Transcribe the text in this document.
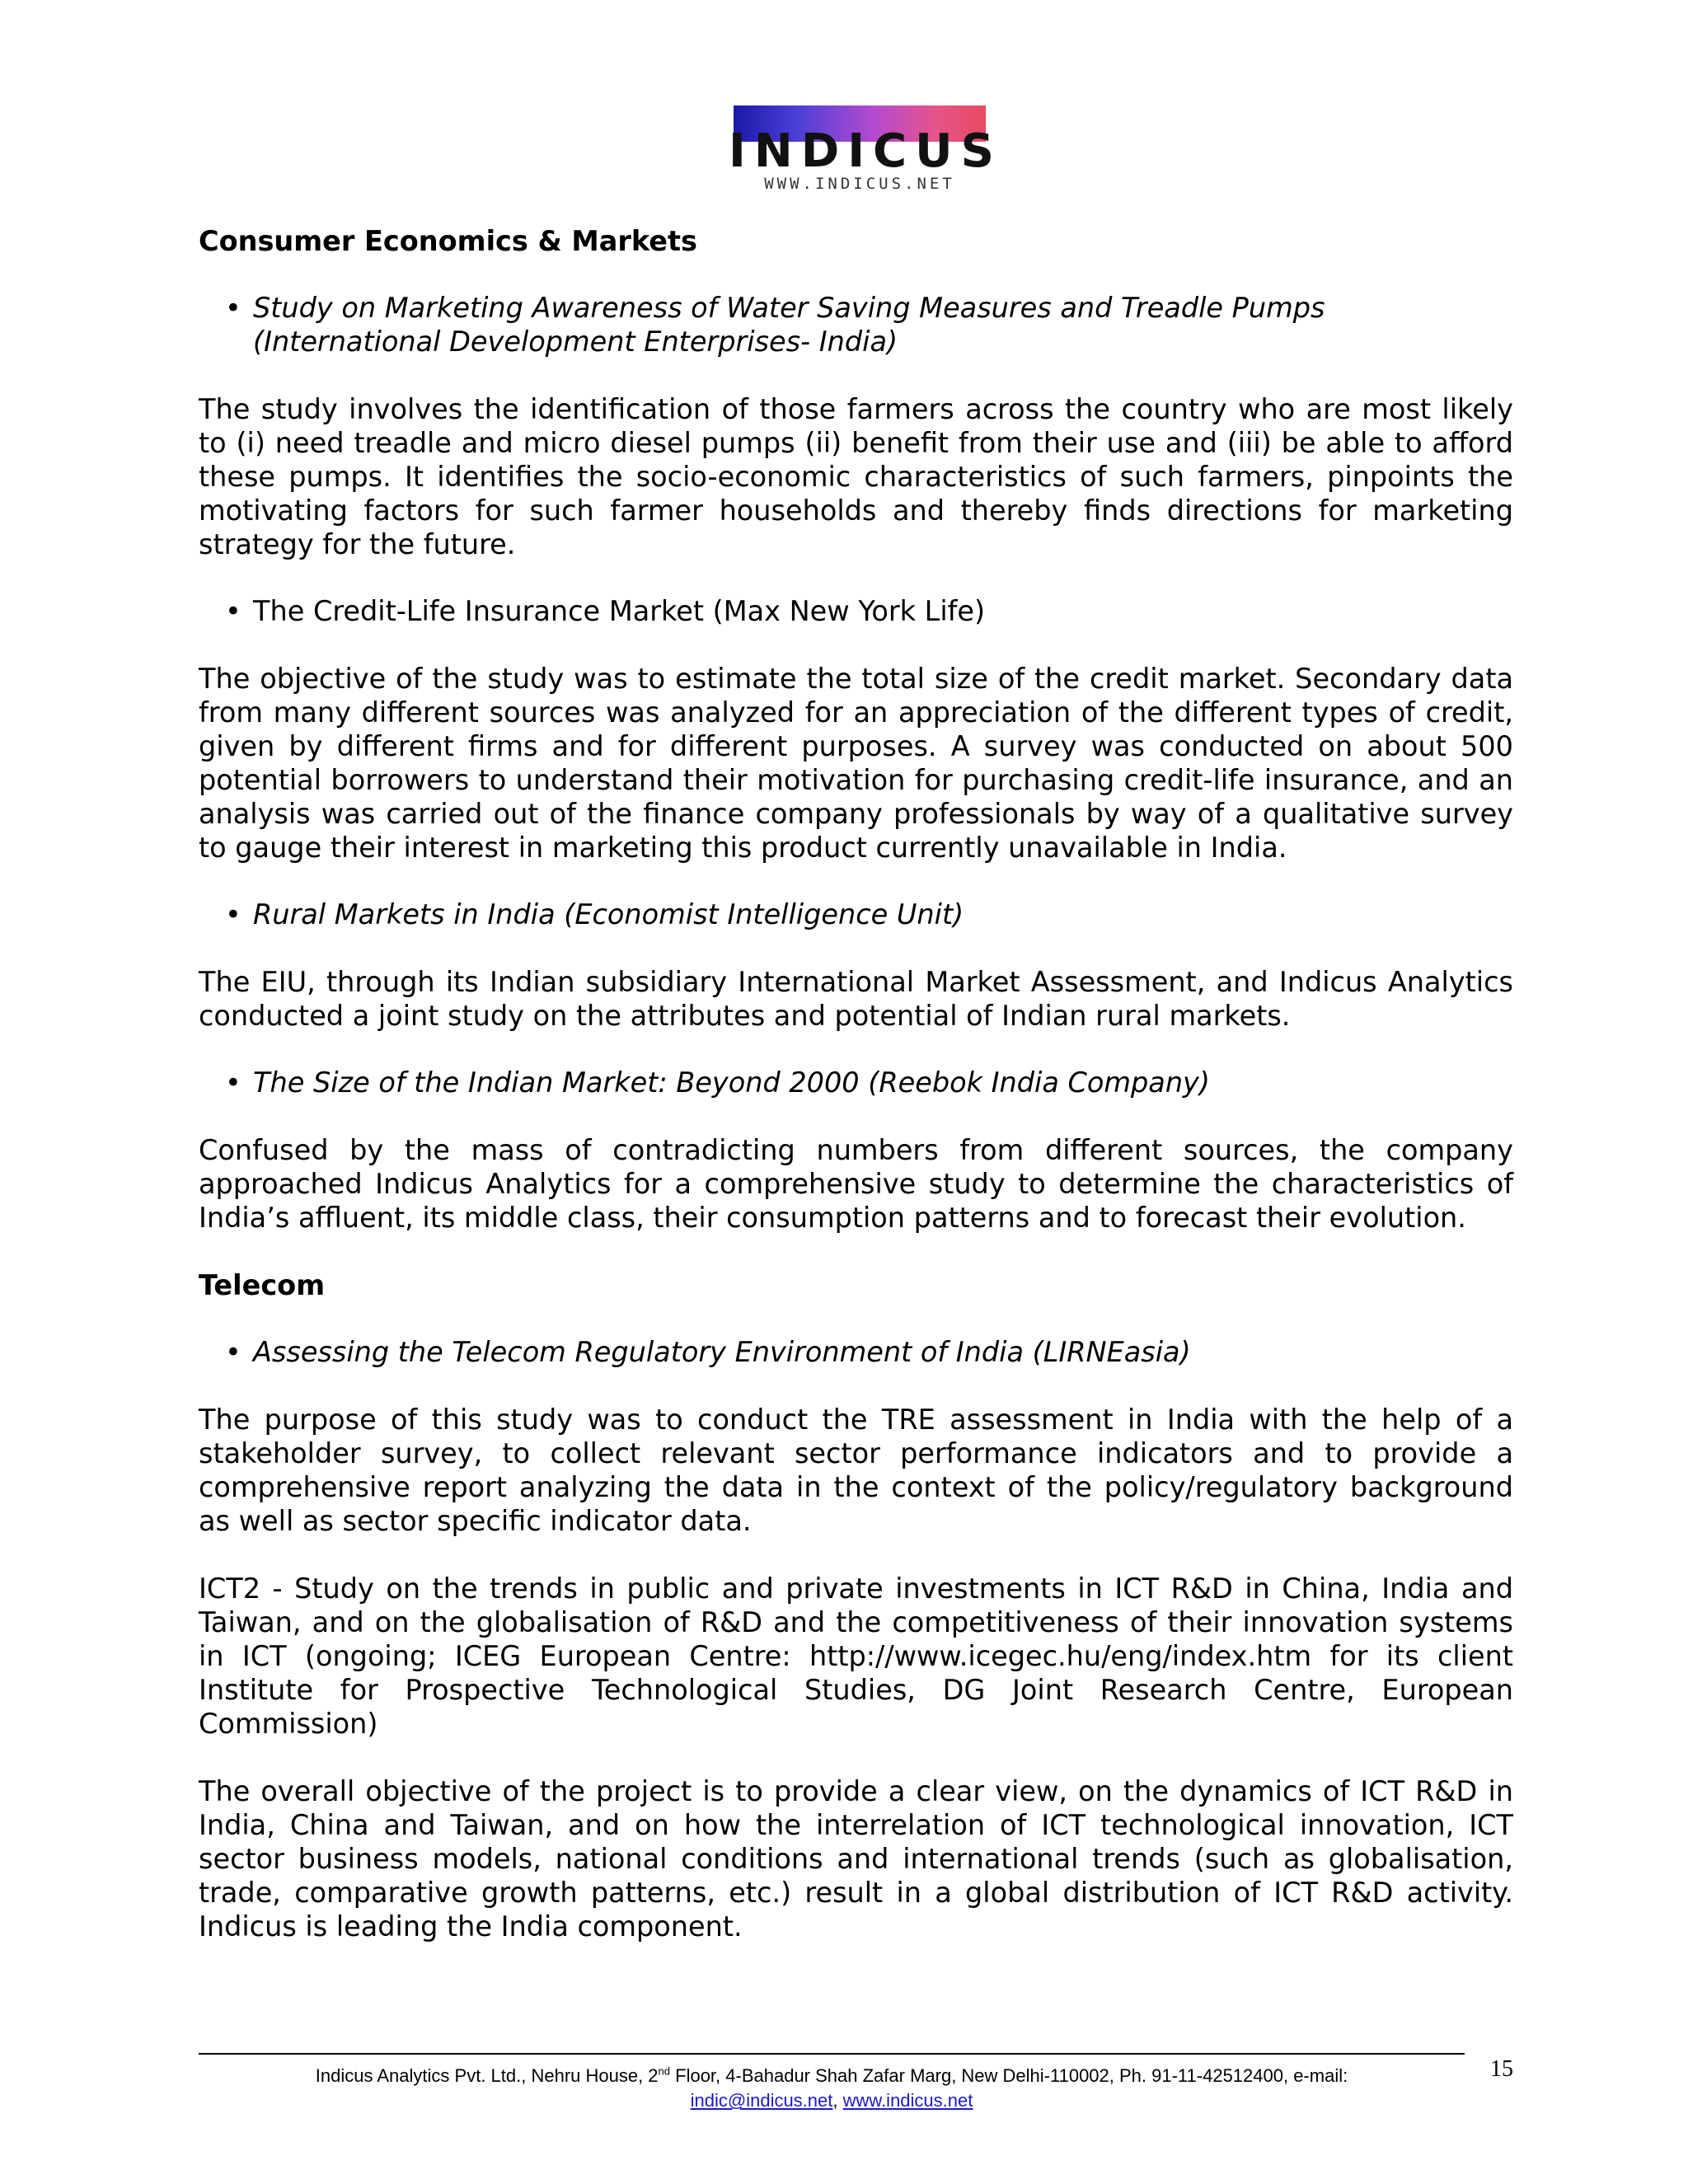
INDICUS
WWW.INDICUS.NET
Consumer Economics & Markets
• Study on Marketing Awareness of Water Saving Measures and Treadle Pumps
(International Development Enterprises- India)

The study involves the identification of those farmers across the country who are most likely to (i) need treadle and micro diesel pumps (ii) benefit from their use and (iii) be able to afford these pumps. It identifies the socio-economic characteristics of such farmers, pinpoints the motivating factors for such farmer households and thereby finds directions for marketing strategy for the future.

• The Credit-Life Insurance Market (Max New York Life)

The objective of the study was to estimate the total size of the credit market. Secondary data from many different sources was analyzed for an appreciation of the different types of credit, given by different firms and for different purposes. A survey was conducted on about 500 potential borrowers to understand their motivation for purchasing credit-life insurance, and an analysis was carried out of the finance company professionals by way of a qualitative survey to gauge their interest in marketing this product currently unavailable in India.

• Rural Markets in India (Economist Intelligence Unit)

The EIU, through its Indian subsidiary International Market Assessment, and Indicus Analytics conducted a joint study on the attributes and potential of Indian rural markets.

• The Size of the Indian Market: Beyond 2000 (Reebok India Company)

Confused by the mass of contradicting numbers from different sources, the company approached Indicus Analytics for a comprehensive study to determine the characteristics of India’s affluent, its middle class, their consumption patterns and to forecast their evolution.

Telecom
• Assessing the Telecom Regulatory Environment of India (LIRNEasia)

The purpose of this study was to conduct the TRE assessment in India with the help of a stakeholder survey, to collect relevant sector performance indicators and to provide a comprehensive report analyzing the data in the context of the policy/regulatory background as well as sector specific indicator data.

ICT2 - Study on the trends in public and private investments in ICT R&D in China, India and Taiwan, and on the globalisation of R&D and the competitiveness of their innovation systems in ICT (ongoing; ICEG European Centre: http://www.icegec.hu/eng/index.htm for its client Institute for Prospective Technological Studies, DG Joint Research Centre, European Commission)

The overall objective of the project is to provide a clear view, on the dynamics of ICT R&D in India, China and Taiwan, and on how the interrelation of ICT technological innovation, ICT sector business models, national conditions and international trends (such as globalisation, trade, comparative growth patterns, etc.) result in a global distribution of ICT R&D activity. Indicus is leading the India component.

Indicus Analytics Pvt. Ltd., Nehru House, 2nd Floor, 4-Bahadur Shah Zafar Marg, New Delhi-110002, Ph. 91-11-42512400, e-mail:
indic@indicus.net, www.indicus.net
15
